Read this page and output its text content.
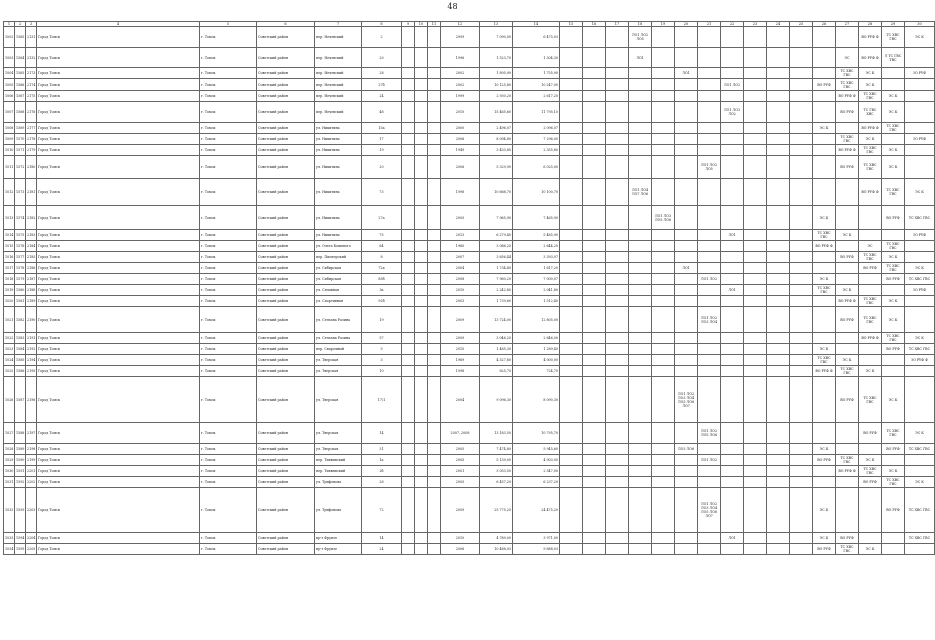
48
1	2	3	4	5	6	7	8	9	10	11	12	13	14	15	16	17	18	19	20	21	22	23	24	25	26	27	28	29	30
1002	1565	2131	Город Томск	г. Томск	Советский район	пер. Нечевский	2				2999	7 090,00	6 475,03				ЛО1 ЛО2 ЛО5										ВО РУФ Ф	ТС ХВС ГВС	ЭС К
1003	1564	2132	Город Томск	г. Томск	Советский район	пер. Нечевский	20				1996	1 523,70	1 304,30				ЛО1									ЭС	ВО РУФ Ф	Л ТС ГВС ТВС	
1004	1565	2173	Город Томск	г. Томск	Советский район	пер. Нечевский	28				2002	1 895,90	1 755,90						ЛО1							ТС ХВС ГВС	ЭС К		ЗО РУФ
1005	1566	2174	Город Томск	г. Томск	Советский район	пер. Нечевский	27б				2002	10 125,80	10 247,00								ЛО1 ЛО2				ВО РУФ	ТС ХВС ГВС	ЭС К		
1006	1567	2175	Город Томск	г. Томск	Советский район	пер. Нечевский	24				1999	2 930,20	2 617,20													ВО РУФ Ф	ТС ХВС ГВС	ЭС К	
1007	1568	2176	Город Томск	г. Томск	Советский район	пер. Нечевский	48				2010	15 465,60	11 795,10								ЛО1 ЛО3 ЛО2					ВО РУФ	ТС ГВС ХВС	ЭС К	
1008	1569	2177	Город Томск	г. Томск	Советский район	ул. Никитина	15а				2000	2 496,07	2 096,07												ЭС К		ВО РУФ Ф	ТС ХВС ГВС	
1009	1570	2178	Город Томск	г. Томск	Советский район	ул. Никитина	17				2006	8 094,80	7 296,00													ТС ХВС ГВС	ЭС К		ЗО РУФ
1010	1571	2179	Город Томск	г. Томск	Советский район	ул. Никитина	19				1949	3 453,80	2 355,80													ВО РУФ Ф	ТС ХВС ГВС	ЭС К	
1011	1572	2180	Город Томск	г. Томск	Советский район	ул. Никитина	20				2006	5 329,90	6 025,00							ЛО1 ЛО2 ЛО5						ВО РУФ	ТС ХВС ГВС	ЭС К	
1012	1573	2181	Город Томск	г. Томск	Советский район	ул. Никитина	73				1998	10 668,70	10 100,70				ЛО1 ЛО4 ЛО7 ЛО6										ВО РУФ Ф	ТС ХВС ГВС	ЭС К
1013	1574	2182	Город Томск	г. Томск	Советский район	ул. Никитина	27а				2005	7 965,90	7 465,90					ЛО1 ЛО3 ЛО5 ЛО6							ЭС К			ВО РУФ	ТС ХВС ГВС
1014	1575	2183	Город Томск	г. Томск	Советский район	ул. Никитина	75				2013	6 279,40	5 485,90								ЛО1				ТС ХВС ГВС	ЭС К			ЗО РУФ
1015	1576	2184	Город Томск	г. Томск	Советский район	ул. Олега Кошевого	64				1960	3 086,20	2 644,20												ВО РУФ Ф		ЭС	ТС ХВС ГВС	
1016	1577	2185	Город Томск	г. Томск	Советский район	пер. Пионерский	8				2007	3 656,44	3 393,07													ВО РУФ	ТС ХВС ГВС	ЭС К	
1017	1578	2186	Город Томск	г. Томск	Советский район	ул. Сибирская	72а				2004	1 734,40	1 617,20						ЛО1								ВО РУФ	ТС ХВС ГВС	ЭС К
1018	1579	2187	Город Томск	г. Томск	Советский район	ул. Сибирская	85б				2008	7 960,20	7 000,07							ЛО1 ЛО2					ЭС К			ВО РУФ	ТС ХВС ГВС
1019	1580	2188	Город Томск	г. Томск	Советский район	ул. Сплавная	3а				2010	2 242,80	2 041,80								ЛО1				ТС ХВС ГВС	ЭС К			ЗО РУФ
1020	1581	2189	Город Томск	г. Томск	Советский район	ул. Спортивная	92б				2003	1 739,60	1 512,40													ВО РУФ Ф	ТС ХВС ГВС	ЭС К	
1021	1582	2190	Город Томск	г. Томск	Советский район	ул. Степана Разина	19				2009	13 724,00	12 805,00							ЛО1 ЛО2 ЛО3 ЛО4						ВО РУФ	ТС ХВС ГВС	ЭС К	
1022	1583	2191	Город Томск	г. Томск	Советский район	ул. Степана Разина	57				2009	3 046,20	2 646,00														ВО РУФ Ф	ТС ХВС ГВС	ЭС К
1023	1584	2192	Город Томск	г. Томск	Советский район	пер. Сварочный	5				2010	1 485,30	1 289,40												ЭС К			ВО РУФ	ТС ХВС ГВС
1024	1585	2194	Город Томск	г. Томск	Советский район	ул. Тверская	3				1989	4 527,80	4 000,00												ТС ХВС ГВС	ЭС К			ЗО РУФ Ф
1025	1586	2195	Город Томск	г. Томск	Советский район	ул. Тверская	10				1998	825,70	724,70												ВО РУФ Ф	ТС ХВС ГВС	ЭС К		
1026	1587	2196	Город Томск	г. Томск	Советский район	ул. Тверская	17/1				2004	9 096,30	8 090,30						ЛО1 ЛО2 ЛО3 ЛО4 ЛО5 ЛО6 ЛО7							ВО РУФ	ТС ХВС ГВС	ЭС К	
1027	1588	2197	Город Томск	г. Томск	Советский район	ул. Тверская	14				2007, 2008	13 183,50	10 795,70							ЛО1 ЛО2 ЛО5 ЛО6							ВО РУФ	ТС ХВС ГВС	ЭС К
1028	1589	2198	Город Томск	г. Томск	Советский район	ул. Тверская	31				2005	7 474,80	5 945,60						ЛО3 ЛО6						ЭС К			ВО РУФ	ТС ХВС ГВС
1029	1590	2199	Город Томск	г. Томск	Советский район	пер. Тихвинский	1а				2005	5 139,00	4 903,00							ЛО1 ЛО2					ВО РУФ	ТС ХВС ГВС	ЭС К		
1030	1591	2201	Город Томск	г. Томск	Советский район	пер. Тихвинский	2б				2001	3 053,50	2 547,00													ВО РУФ Ф	ТС ХВС ГВС	ЭС К	
1031	1592	2202	Город Томск	г. Томск	Советский район	ул. Трифонова	28				2005	6 457,20	6 237,20														ВО РУФ	ТС ХВС ГВС	ЭС К
1032	1593	2203	Город Томск	г. Томск	Советский район	ул. Трифонова	72				2009	25 775,20	24 475,20							ЛО1 ЛО2 ЛО3 ЛО4 ЛО5 ЛО6 ЛО7					ЭС К			ВО РУФ	ТС ХВС ГВС
1033	1594	2204	Город Томск	г. Томск	Советский район	пр-т Фрунзе	14				2010	4 789,00	3 971,00								ЛО1				ЭС К	ВО РУФ			ТС ХВС ГВС
1034	1595	2205	Город Томск	г. Томск	Советский район	пр-т Фрунзе	24				2006	10 488,03	9 688,03												ВО РУФ	ТС ХВС ГВС	ЭС К		
